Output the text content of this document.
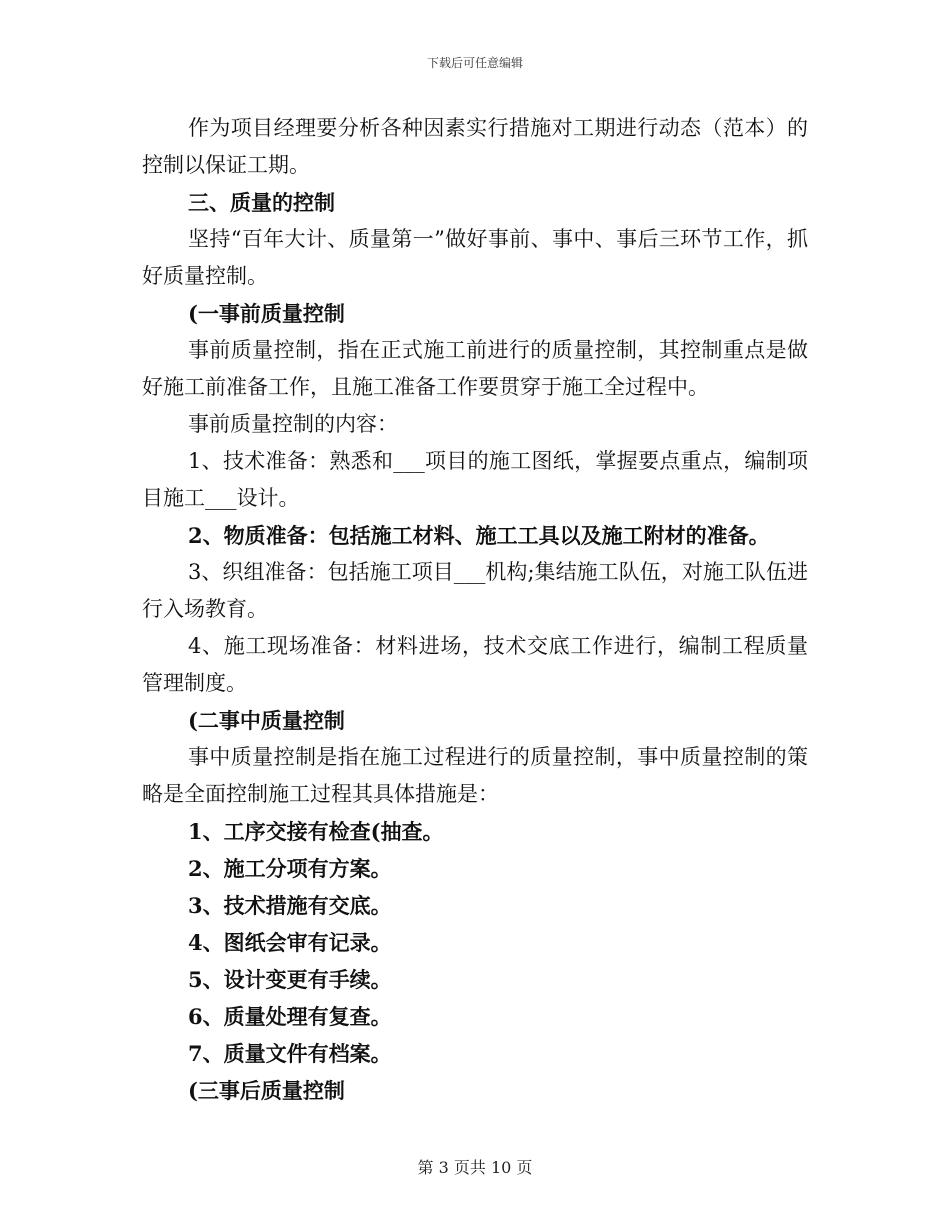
下载后可任意编辑

作为项目经理要分析各种因素实行措施对工期进行动态（范本）的控制以保证工期。

三、质量的控制

坚持“百年大计、质量第一”做好事前、事中、事后三环节工作，抓好质量控制。

(一事前质量控制

事前质量控制，指在正式施工前进行的质量控制，其控制重点是做好施工前准备工作，且施工准备工作要贯穿于施工全过程中。

事前质量控制的内容：

1、技术准备：熟悉和___项目的施工图纸，掌握要点重点，编制项目施工___设计。

2、物质准备：包括施工材料、施工工具以及施工附材的准备。

3、织组准备：包括施工项目___机构;集结施工队伍，对施工队伍进行入场教育。

4、施工现场准备：材料进场，技术交底工作进行，编制工程质量管理制度。

(二事中质量控制

事中质量控制是指在施工过程进行的质量控制，事中质量控制的策略是全面控制施工过程其具体措施是：

1、工序交接有检查(抽查。

2、施工分项有方案。

3、技术措施有交底。

4、图纸会审有记录。

5、设计变更有手续。

6、质量处理有复查。

7、质量文件有档案。

(三事后质量控制

第 3 页共 10 页
